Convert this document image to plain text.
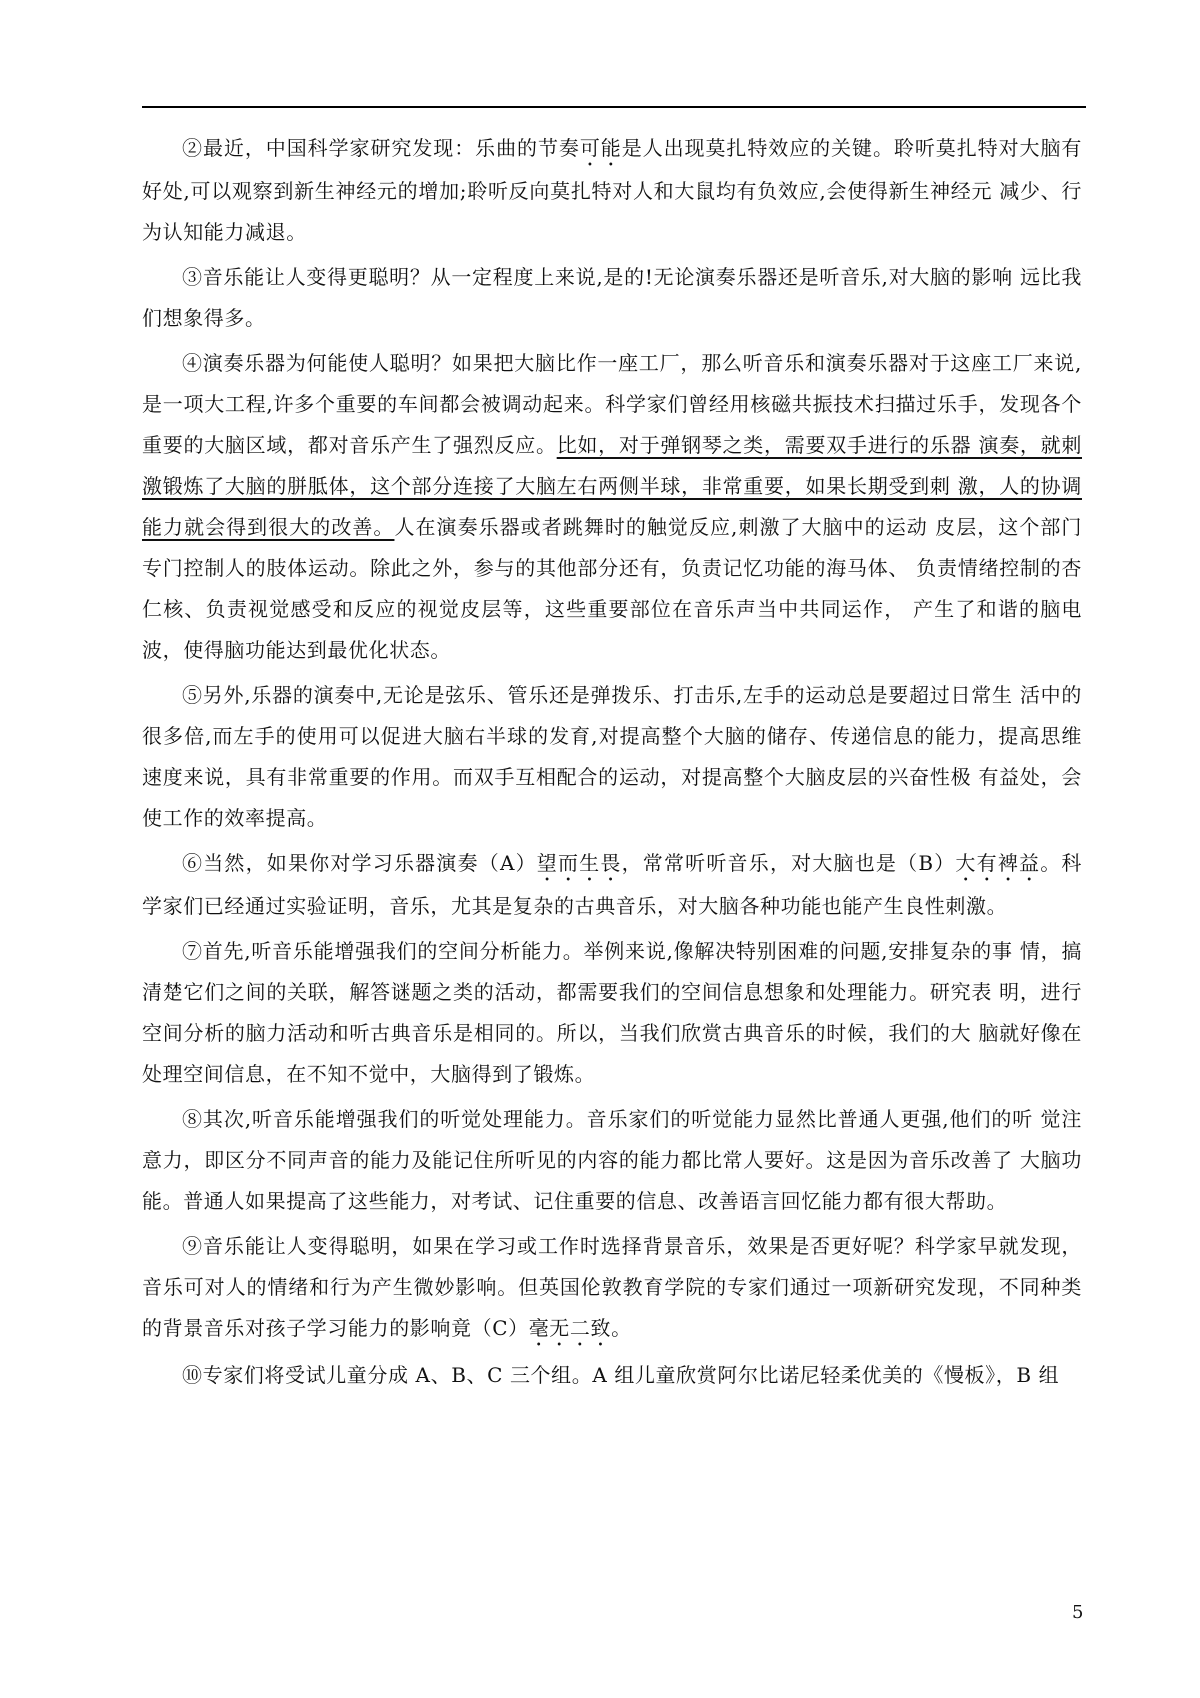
②最近，中国科学家研究发现：乐曲的节奏可能是人出现莫扎特效应的关键。聆听莫扎特对大脑有好处,可以观察到新生神经元的增加;聆听反向莫扎特对人和大鼠均有负效应,会使得新生神经元 减少、行为认知能力减退。

③音乐能让人变得更聪明？从一定程度上来说,是的!无论演奏乐器还是听音乐,对大脑的影响 远比我们想象得多。

④演奏乐器为何能使人聪明？如果把大脑比作一座工厂，那么听音乐和演奏乐器对于这座工厂来说,是一项大工程,许多个重要的车间都会被调动起来。科学家们曾经用核磁共振技术扫描过乐手，发现各个重要的大脑区域，都对音乐产生了强烈反应。比如，对于弹钢琴之类，需要双手进行的乐器 演奏，就刺激锻炼了大脑的胼胝体，这个部分连接了大脑左右两侧半球，非常重要，如果长期受到刺 激，人的协调能力就会得到很大的改善。人在演奏乐器或者跳舞时的触觉反应,刺激了大脑中的运动 皮层，这个部门专门控制人的肢体运动。除此之外，参与的其他部分还有，负责记忆功能的海马体、 负责情绪控制的杏仁核、负责视觉感受和反应的视觉皮层等，这些重要部位在音乐声当中共同运作， 产生了和谐的脑电波，使得脑功能达到最优化状态。

⑤另外,乐器的演奏中,无论是弦乐、管乐还是弹拨乐、打击乐,左手的运动总是要超过日常生 活中的很多倍,而左手的使用可以促进大脑右半球的发育,对提高整个大脑的储存、传递信息的能力，提高思维速度来说，具有非常重要的作用。而双手互相配合的运动，对提高整个大脑皮层的兴奋性极 有益处，会使工作的效率提高。

⑥当然，如果你对学习乐器演奏（A）望而生畏，常常听听音乐，对大脑也是（B）大有裨益。科 学家们已经通过实验证明，音乐，尤其是复杂的古典音乐，对大脑各种功能也能产生良性刺激。

⑦首先,听音乐能增强我们的空间分析能力。举例来说,像解决特别困难的问题,安排复杂的事 情，搞清楚它们之间的关联，解答谜题之类的活动，都需要我们的空间信息想象和处理能力。研究表 明，进行空间分析的脑力活动和听古典音乐是相同的。所以，当我们欣赏古典音乐的时候，我们的大 脑就好像在处理空间信息，在不知不觉中，大脑得到了锻炼。

⑧其次,听音乐能增强我们的听觉处理能力。音乐家们的听觉能力显然比普通人更强,他们的听 觉注意力，即区分不同声音的能力及能记住所听见的内容的能力都比常人要好。这是因为音乐改善了 大脑功能。普通人如果提高了这些能力，对考试、记住重要的信息、改善语言回忆能力都有很大帮助。

⑨音乐能让人变得聪明，如果在学习或工作时选择背景音乐，效果是否更好呢？科学家早就发现，音乐可对人的情绪和行为产生微妙影响。但英国伦敦教育学院的专家们通过一项新研究发现，不同种类的背景音乐对孩子学习能力的影响竟（C）毫无二致。

⑩专家们将受试儿童分成 A、B、C 三个组。A 组儿童欣赏阿尔比诺尼轻柔优美的《慢板》，B 组

5
